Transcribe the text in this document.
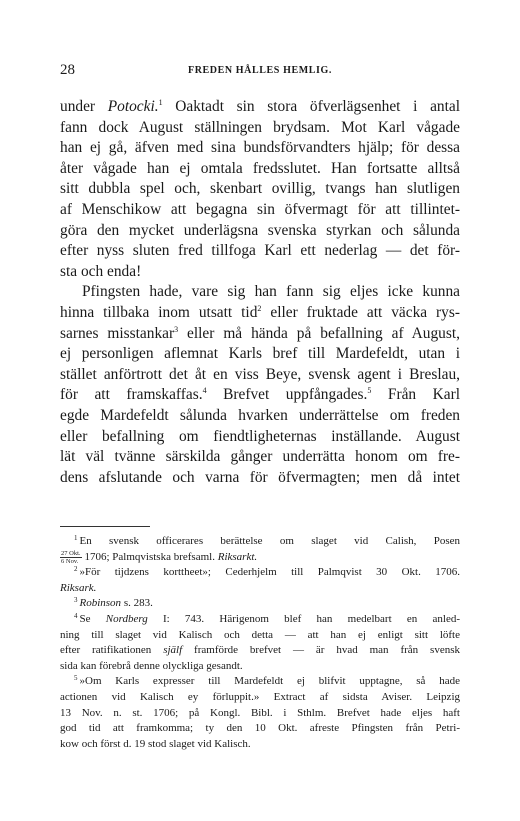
28	FREDEN HÅLLES HEMLIG.
under Potocki.$^1$ Oaktadt sin stora öfverlägsenhet i antal
fann dock August ställningen brydsam. Mot Karl vågade
han ej gå, äfven med sina bundsförvandters hjälp; för dessa
åter vågade han ej omtala fredsslutet. Han fortsatte alltså
sitt dubbla spel och, skenbart ovillig, tvangs han slutligen
af Menschikow att begagna sin öfvermagt för att tillintet-
göra den mycket underlägsna svenska styrkan och sålunda
efter nyss sluten fred tillfoga Karl ett nederlag — det för-
sta och enda!
Pfingsten hade, vare sig han fann sig eljes icke kunna
hinna tillbaka inom utsatt tid$^2$ eller fruktade att väcka rys-
sarnes misstankar$^3$ eller må hända på befallning af August,
ej personligen aflemnat Karls bref till Mardefeldt, utan i
stället anförtrott det åt en viss Beye, svensk agent i Breslau,
för att framskaffas.$^4$ Brefvet uppfångades.$^5$ Från Karl
egde Mardefeldt sålunda hvarken underrättelse om freden
eller befallning om fiendtligheternas inställande. August
lät väl tvänne särskilda gånger underrätta honom om fre-
dens afslutande och varna för öfvermagten; men då intet
$^1$ En svensk officerares berättelse om slaget vid Calish, Posen
$\frac{\text{27 Okt.}}{\text{6 Nov.}} 1706$; Palmqvistska brefsaml. Riksarkt.
$^2$ »För tijdzens korttheet»; Cederhjelm till Palmqvist 30 Okt. 1706.
Riksark.
$^3$ Robinson s. 283.
$^4$ Se Nordberg I: 743. Härigenom blef han medelbart en anled-
ning till slaget vid Kalisch och detta — att han ej enligt sitt löfte
efter ratifikationen själf framförde brefvet — är hvad man från svensk
sida kan förebrå denne olyckliga gesandt.
$^5$ »Om Karls expresser till Mardefeldt ej blifvit upptagne, så hade
actionen vid Kalisch ey förluppit.» Extract af sidsta Aviser. Leipzig
13 Nov. n. st. 1706; på Kongl. Bibl. i Sthlm. Brefvet hade eljes haft
god tid att framkomma; ty den 10 Okt. afreste Pfingsten från Petri-
kow och först d. 19 stod slaget vid Kalisch.
